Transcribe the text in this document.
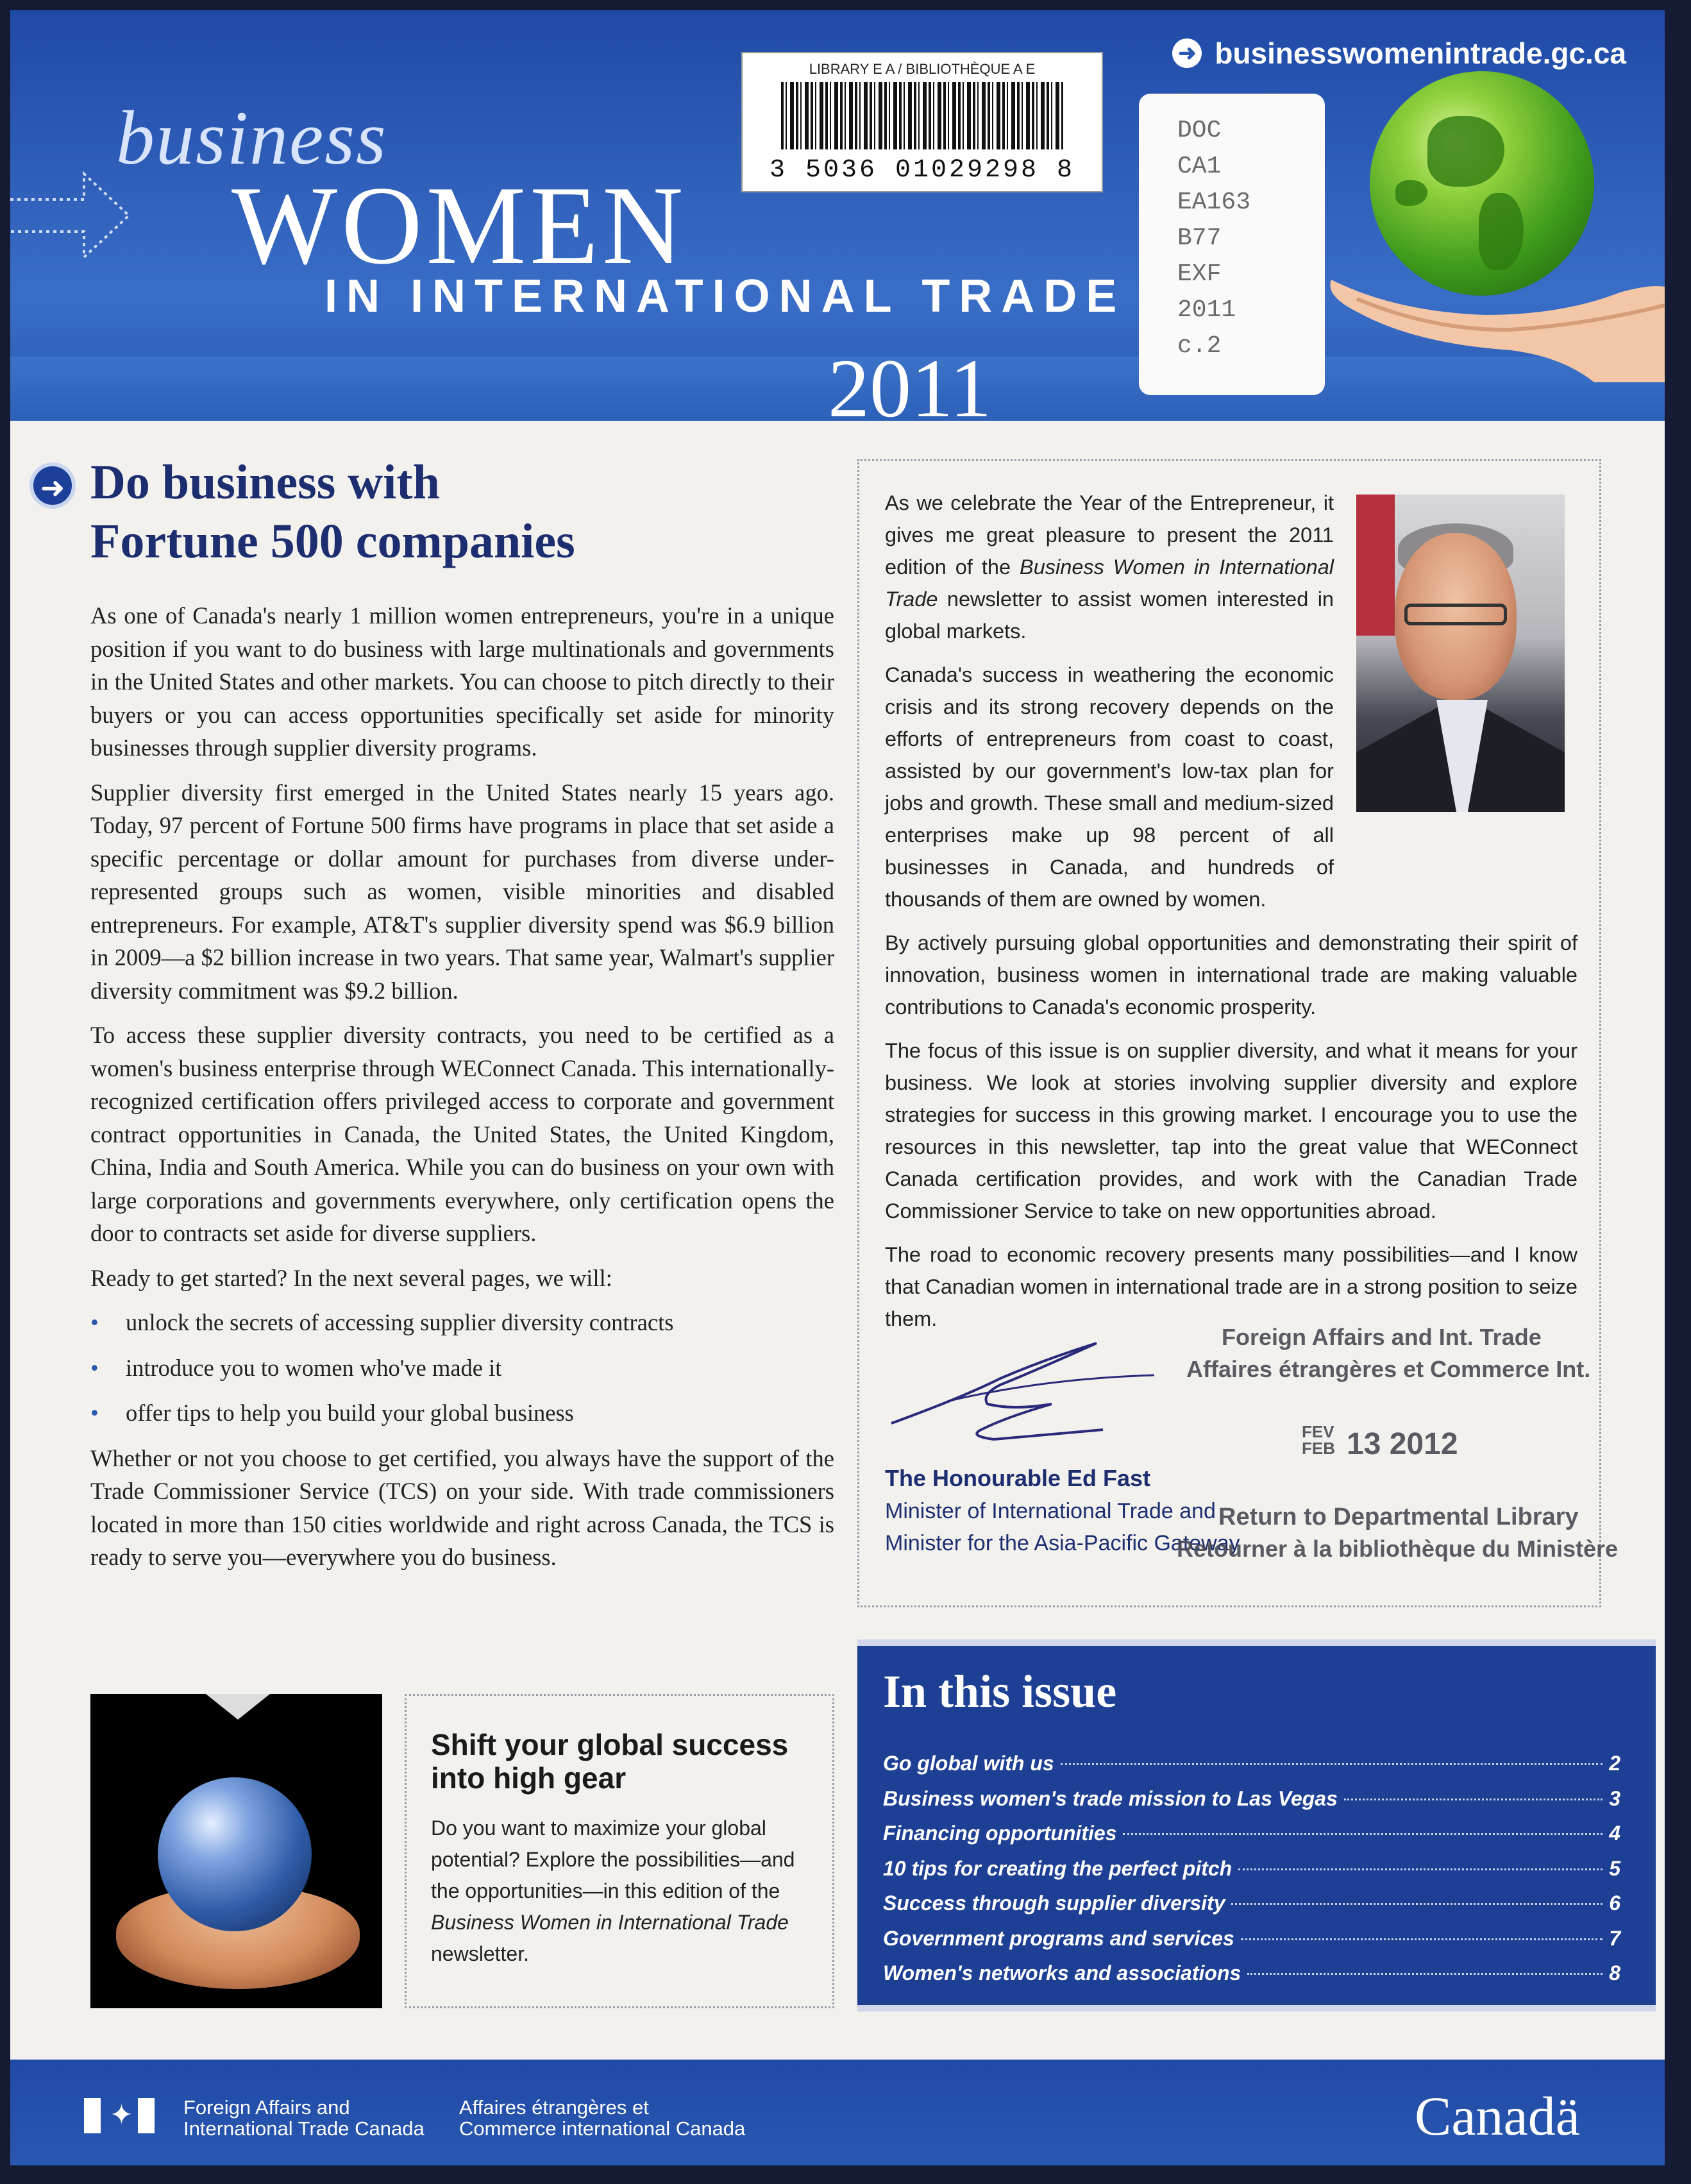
➜ businesswomenintrade.gc.ca
business
WOMEN
IN INTERNATIONAL TRADE
2011
LIBRARY E A / BIBLIOTHÈQUE A E
3 5036 01029298 8
DOC
CA1
EA163
B77
EXF
2011
c.2
➜ Do business with
Fortune 500 companies

As one of Canada's nearly 1 million women entrepreneurs, you're in a unique position if you want to do business with large multinationals and governments in the United States and other markets. You can choose to pitch directly to their buyers or you can access opportunities specifically set aside for minority businesses through supplier diversity programs.

Supplier diversity first emerged in the United States nearly 15 years ago. Today, 97 percent of Fortune 500 firms have programs in place that set aside a specific percentage or dollar amount for purchases from diverse under-represented groups such as women, visible minorities and disabled entrepreneurs. For example, AT&T's supplier diversity spend was $6.9 billion in 2009—a $2 billion increase in two years. That same year, Walmart's supplier diversity commitment was $9.2 billion.

To access these supplier diversity contracts, you need to be certified as a women's business enterprise through WEConnect Canada. This internationally-recognized certification offers privileged access to corporate and government contract opportunities in Canada, the United States, the United Kingdom, China, India and South America. While you can do business on your own with large corporations and governments everywhere, only certification opens the door to contracts set aside for diverse suppliers.

Ready to get started? In the next several pages, we will:

• unlock the secrets of accessing supplier diversity contracts
• introduce you to women who've made it
• offer tips to help you build your global business

Whether or not you choose to get certified, you always have the support of the Trade Commissioner Service (TCS) on your side. With trade commissioners located in more than 150 cities worldwide and right across Canada, the TCS is ready to serve you—everywhere you do business.

Shift your global success into high gear
Do you want to maximize your global potential? Explore the possibilities—and the opportunities—in this edition of the Business Women in International Trade newsletter.

As we celebrate the Year of the Entrepreneur, it gives me great pleasure to present the 2011 edition of the Business Women in International Trade newsletter to assist women interested in global markets.

Canada's success in weathering the economic crisis and its strong recovery depends on the efforts of entrepreneurs from coast to coast, assisted by our government's low-tax plan for jobs and growth. These small and medium-sized enterprises make up 98 percent of all businesses in Canada, and hundreds of thousands of them are owned by women.

By actively pursuing global opportunities and demonstrating their spirit of innovation, business women in international trade are making valuable contributions to Canada's economic prosperity.

The focus of this issue is on supplier diversity, and what it means for your business. We look at stories involving supplier diversity and explore strategies for success in this growing market. I encourage you to use the resources in this newsletter, tap into the great value that WEConnect Canada certification provides, and work with the Canadian Trade Commissioner Service to take on new opportunities abroad.

The road to economic recovery presents many possibilities—and I know that Canadian women in international trade are in a strong position to seize them.

The Honourable Ed Fast
Minister of International Trade and
Minister for the Asia-Pacific Gateway
Foreign Affairs and Int. Trade
Affaires étrangères et Commerce Int.
FEV
FEB 13 2012
Return to Departmental Library
Retourner à la bibliothèque du Ministère
In this issue
Go global with us	2
Business women's trade mission to Las Vegas	3
Financing opportunities	4
10 tips for creating the perfect pitch	5
Success through supplier diversity	6
Government programs and services	7
Women's networks and associations	8
✦	Foreign Affairs and
International Trade Canada
Affaires étrangères et
Commerce international Canada	Canadä
